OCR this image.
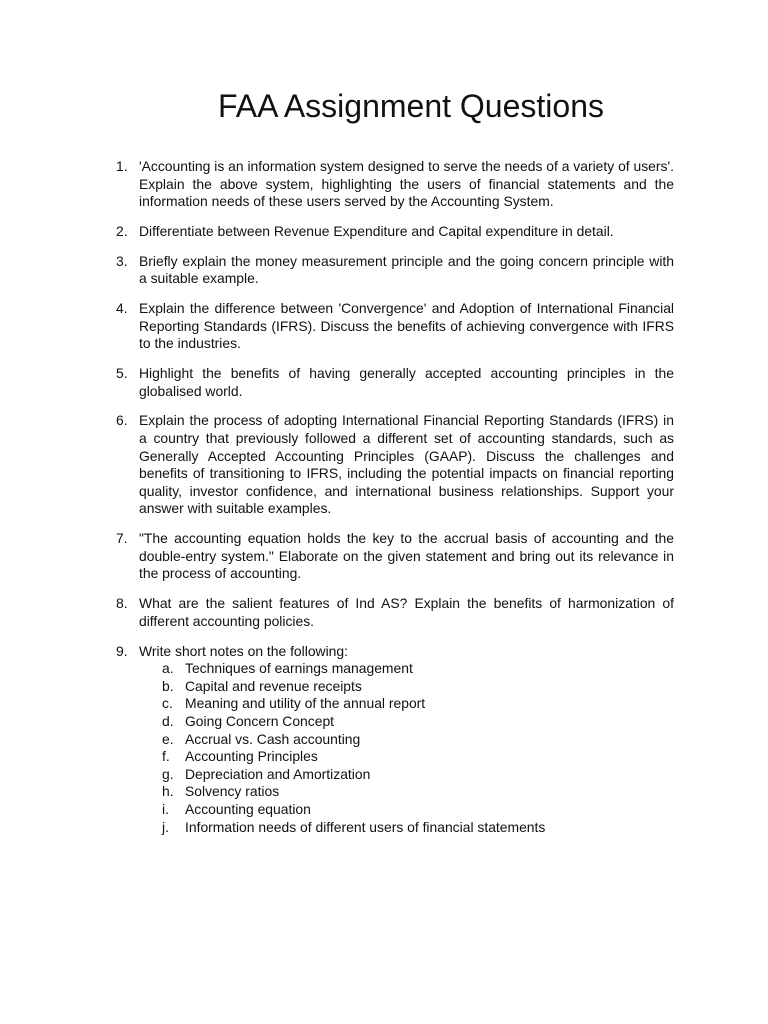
FAA Assignment Questions
1. 'Accounting is an information system designed to serve the needs of a variety of users'. Explain the above system, highlighting the users of financial statements and the information needs of these users served by the Accounting System.
2. Differentiate between Revenue Expenditure and Capital expenditure in detail.
3. Briefly explain the money measurement principle and the going concern principle with a suitable example.
4. Explain the difference between 'Convergence' and Adoption of International Financial Reporting Standards (IFRS). Discuss the benefits of achieving convergence with IFRS to the industries.
5. Highlight the benefits of having generally accepted accounting principles in the globalised world.
6. Explain the process of adopting International Financial Reporting Standards (IFRS) in a country that previously followed a different set of accounting standards, such as Generally Accepted Accounting Principles (GAAP). Discuss the challenges and benefits of transitioning to IFRS, including the potential impacts on financial reporting quality, investor confidence, and international business relationships. Support your answer with suitable examples.
7. "The accounting equation holds the key to the accrual basis of accounting and the double-entry system." Elaborate on the given statement and bring out its relevance in the process of accounting.
8. What are the salient features of Ind AS? Explain the benefits of harmonization of different accounting policies.
9. Write short notes on the following:
a. Techniques of earnings management
b. Capital and revenue receipts
c. Meaning and utility of the annual report
d. Going Concern Concept
e. Accrual vs. Cash accounting
f.	Accounting Principles
g. Depreciation and Amortization
h. Solvency ratios
i.	Accounting equation
j.	Information needs of different users of financial statements
